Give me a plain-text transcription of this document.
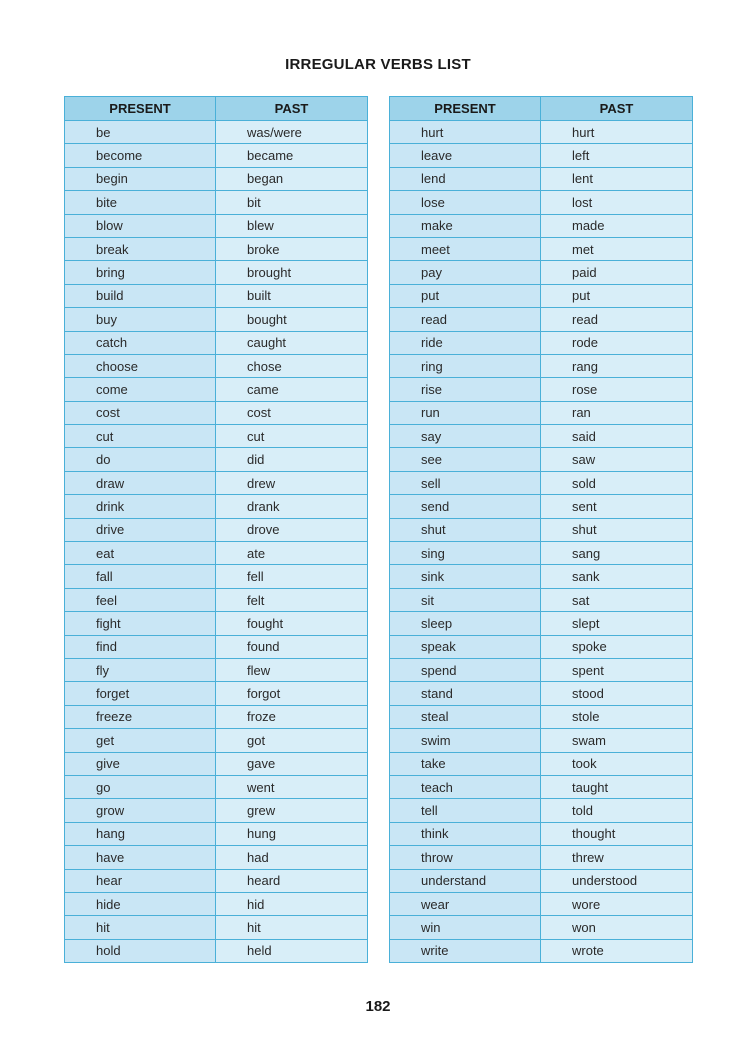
IRREGULAR VERBS LIST
PRESENT	PAST
be	was/were
become	became
begin	began
bite	bit
blow	blew
break	broke
bring	brought
build	built
buy	bought
catch	caught
choose	chose
come	came
cost	cost
cut	cut
do	did
draw	drew
drink	drank
drive	drove
eat	ate
fall	fell
feel	felt
fight	fought
find	found
fly	flew
forget	forgot
freeze	froze
get	got
give	gave
go	went
grow	grew
hang	hung
have	had
hear	heard
hide	hid
hit	hit
hold	held
PRESENT	PAST
hurt	hurt
leave	left
lend	lent
lose	lost
make	made
meet	met
pay	paid
put	put
read	read
ride	rode
ring	rang
rise	rose
run	ran
say	said
see	saw
sell	sold
send	sent
shut	shut
sing	sang
sink	sank
sit	sat
sleep	slept
speak	spoke
spend	spent
stand	stood
steal	stole
swim	swam
take	took
teach	taught
tell	told
think	thought
throw	threw
understand	understood
wear	wore
win	won
write	wrote
182
